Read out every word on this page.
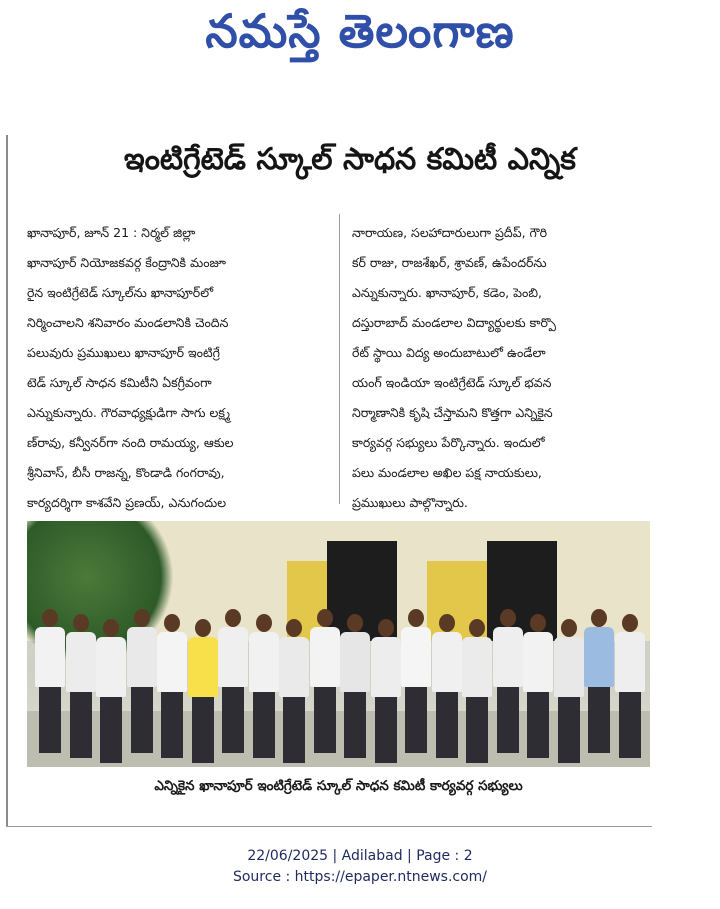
నమస్తే తెలంగాణ
ఇంటిగ్రేటెడ్ స్కూల్ సాధన కమిటీ ఎన్నిక
ఖానాపూర్, జూన్ 21 : నిర్మల్ జిల్లా
ఖానాపూర్ నియోజకవర్గ కేంద్రానికి మంజూ
రైన ఇంటిగ్రేటెడ్ స్కూల్‌ను ఖానాపూర్‌లో
నిర్మించాలని శనివారం మండలానికి చెందిన
పలువురు ప్రముఖులు ఖానాపూర్ ఇంటిగ్రే
టెడ్ స్కూల్ సాధన కమిటీని ఏకగ్రీవంగా
ఎన్నుకున్నారు. గౌరవాధ్యక్షుడిగా సాగు లక్ష్మ
ణ్‌రావు, కన్వీనర్‌గా నంది రామయ్య, ఆకుల
శ్రీనివాస్, బీసీ రాజన్న, కొండాడి గంగరావు,
కార్యదర్శిగా కాశవేని ప్రణయ్, ఎనుగందుల
నారాయణ, సలహాదారులుగా ప్రదీప్, గౌరి
కర్ రాజు, రాజశేఖర్, శ్రావణ్, ఉపేందర్‌ను
ఎన్నుకున్నారు. ఖానాపూర్, కడెం, పెంబి,
దస్తురాబాద్ మండలాల విద్యార్థులకు కార్పొ
రేట్ స్థాయి విద్య అందుబాటులో ఉండేలా
యంగ్ ఇండియా ఇంటిగ్రేటెడ్ స్కూల్ భవన
నిర్మాణానికి కృషి చేస్తామని కొత్తగా ఎన్నికైన
కార్యవర్గ సభ్యులు పేర్కొన్నారు. ఇందులో
పలు మండలాల అఖిల పక్ష నాయకులు,
ప్రముఖులు పాల్గొన్నారు.
ఎన్నికైన ఖానాపూర్ ఇంటిగ్రేటెడ్ స్కూల్ సాధన కమిటీ కార్యవర్గ సభ్యులు
22/06/2025 | Adilabad | Page : 2
Source : https://epaper.ntnews.com/
